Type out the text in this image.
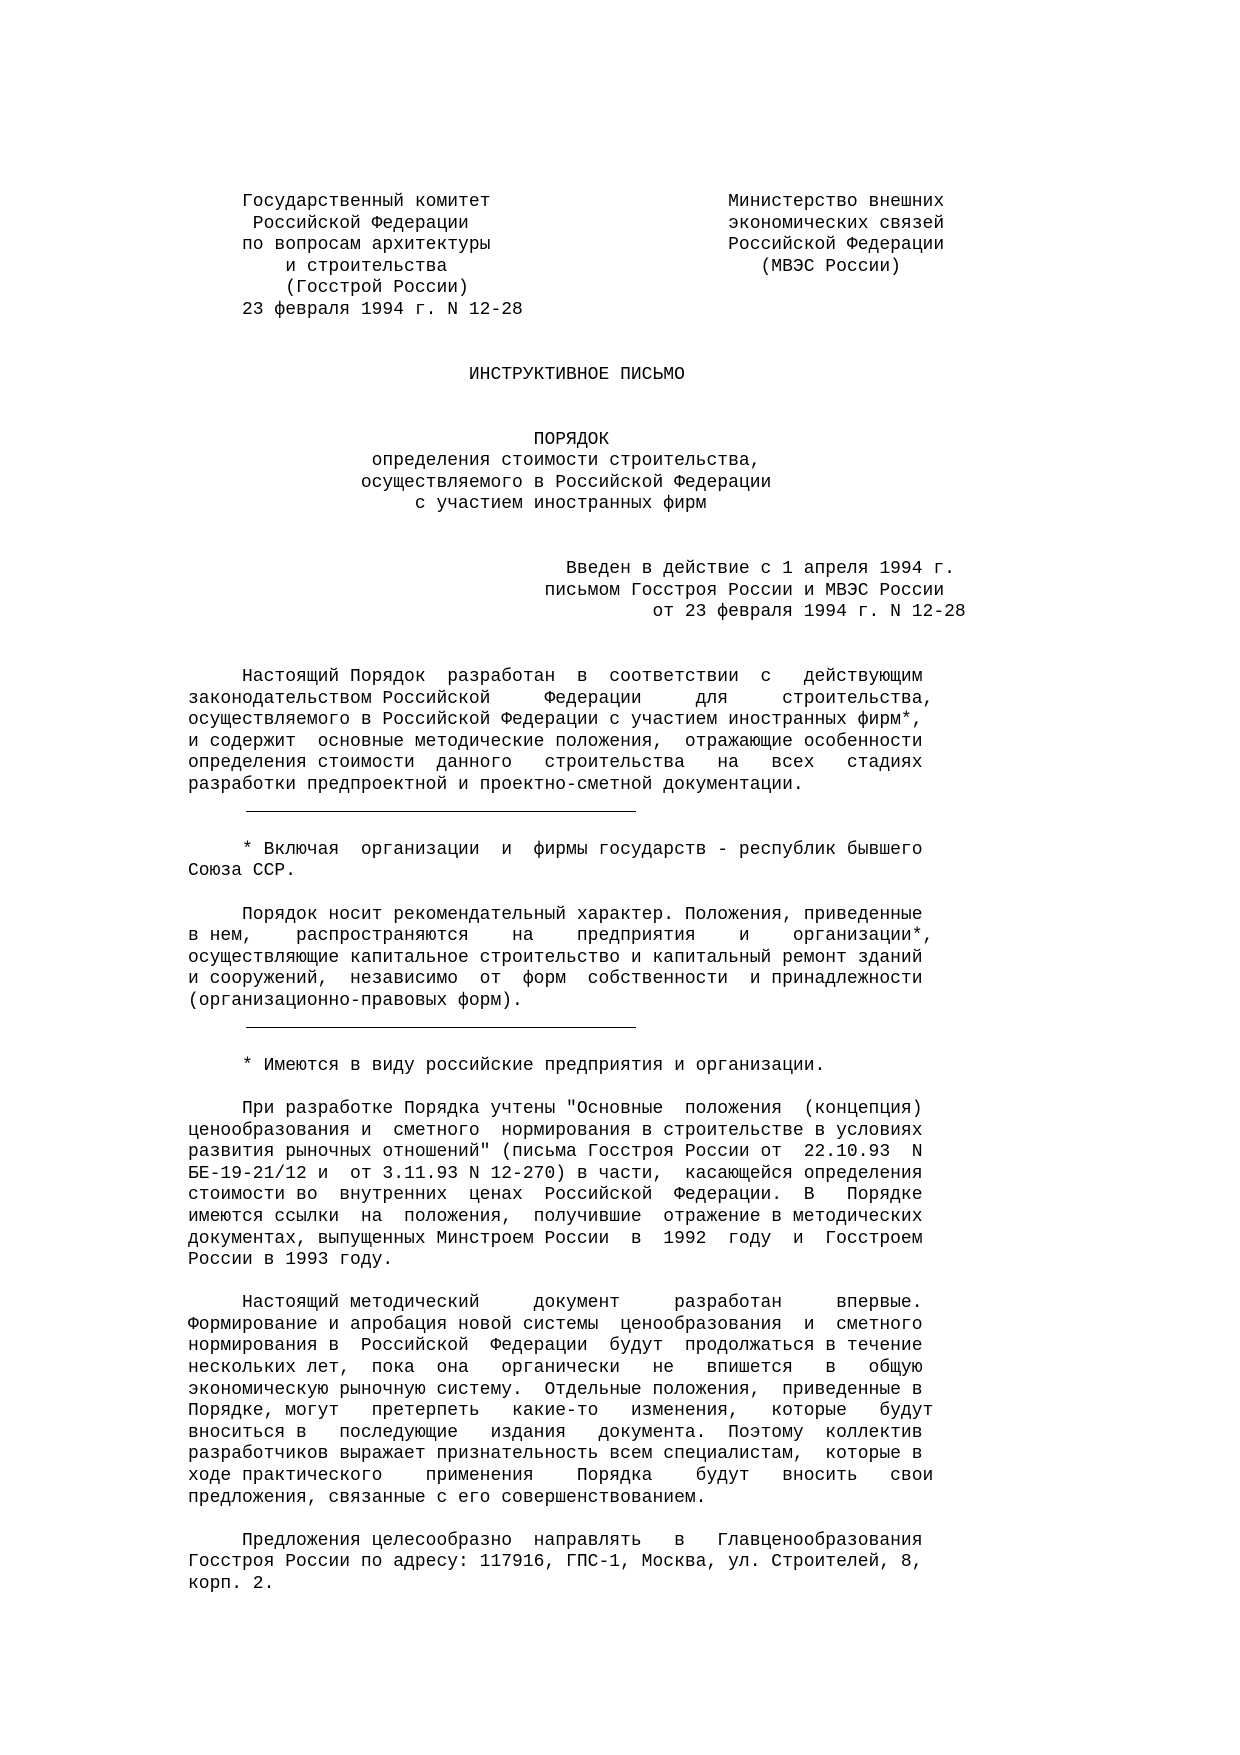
Государственный комитет                      Министерство внешних
Российской Федерации                        экономических связей
по вопросам архитектуры                      Российской Федерации
и строительства                             (МВЭС России)
(Госстрой России)
23 февраля 1994 г. N 12-28

ИНСТРУКТИВНОЕ ПИСЬМО

ПОРЯДОК
определения стоимости строительства,
осуществляемого в Российской Федерации
с участием иностранных фирм

Введен в действие с 1 апреля 1994 г.
письмом Госстроя России и МВЭС России
от 23 февраля 1994 г. N 12-28

Настоящий Порядок  разработан  в  соответствии  с   действующим
законодательством Российской     Федерации     для     строительства,
осуществляемого в Российской Федерации с участием иностранных фирм*,
и содержит  основные методические положения,  отражающие особенности
определения стоимости  данного   строительства   на   всех   стадиях
разработки предпроектной и проектно-сметной документации.

* Включая  организации  и  фирмы государств - республик бывшего
Союза ССР.

Порядок носит рекомендательный характер. Положения, приведенные
в нем,    распространяются    на    предприятия    и    организации*,
осуществляющие капитальное строительство и капитальный ремонт зданий
и сооружений,  независимо  от  форм  собственности  и принадлежности
(организационно-правовых форм).

* Имеются в виду российские предприятия и организации.

При разработке Порядка учтены "Основные  положения  (концепция)
ценообразования и  сметного  нормирования в строительстве в условиях
развития рыночных отношений" (письма Госстроя России от  22.10.93  N
БЕ-19-21/12 и  от 3.11.93 N 12-270) в части,  касающейся определения
стоимости во  внутренних  ценах  Российской  Федерации.  В   Порядке
имеются ссылки  на  положения,  получившие  отражение в методических
документах, выпущенных Минстроем России  в  1992  году  и  Госстроем
России в 1993 году.

Настоящий методический     документ     разработан     впервые.
Формирование и апробация новой системы  ценообразования  и  сметного
нормирования в  Российской  Федерации  будут  продолжаться в течение
нескольких лет,  пока  она   органически   не   впишется   в   общую
экономическую рыночную систему.  Отдельные положения,  приведенные в
Порядке, могут   претерпеть   какие-то   изменения,   которые   будут
вноситься в   последующие   издания   документа.  Поэтому  коллектив
разработчиков выражает признательность всем специалистам,  которые в
ходе практического    применения    Порядка    будут   вносить   свои
предложения, связанные с его совершенствованием.

Предложения целесообразно  направлять   в   Главценообразования
Госстроя России по адресу: 117916, ГПС-1, Москва, ул. Строителей, 8,
корп. 2.
